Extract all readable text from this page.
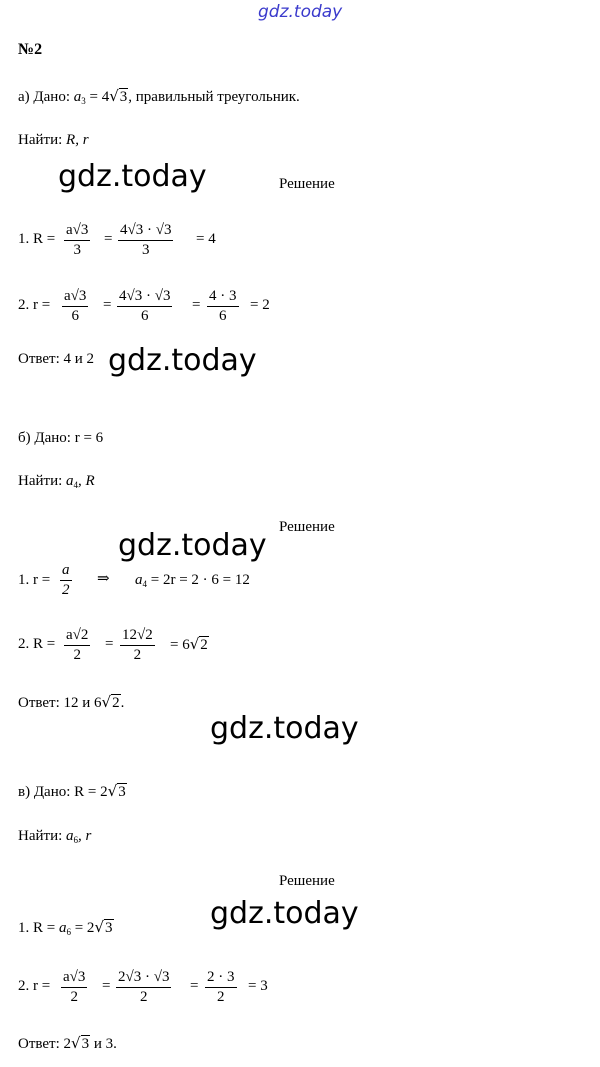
gdz.today
gdz.today
gdz.today
gdz.today
gdz.today
gdz.today
№2
а) Дано: $a_3 = 4√3$, правильный треугольник.
Найти: R, r
Решение
1. $R = \frac{a√3}{3} = \frac{4√3 \cdot √3}{3} = 4$
2. $r = \frac{a√3}{6} = \frac{4√3 \cdot √3}{6} = \frac{4 \cdot 3}{6} = 2$
Ответ: 4 и 2
б) Дано: r = 6
Найти: $a_4$, R
Решение
1. $r = \frac{a}{2}$ ⇒ $a_4 = 2r = 2 \cdot 6 = 12$
2. $R = \frac{a√2}{2} = \frac{12√2}{2} = 6√2$
Ответ: 12 и 6√2.
в) Дано: R = 2√3
Найти: $a_6$, r
Решение
1. $R = a_6 = 2√3$
2. $r = \frac{a√3}{2} = \frac{2√3 \cdot √3}{2} = \frac{2 \cdot 3}{2} = 3$
Ответ: 2√3 и 3.
